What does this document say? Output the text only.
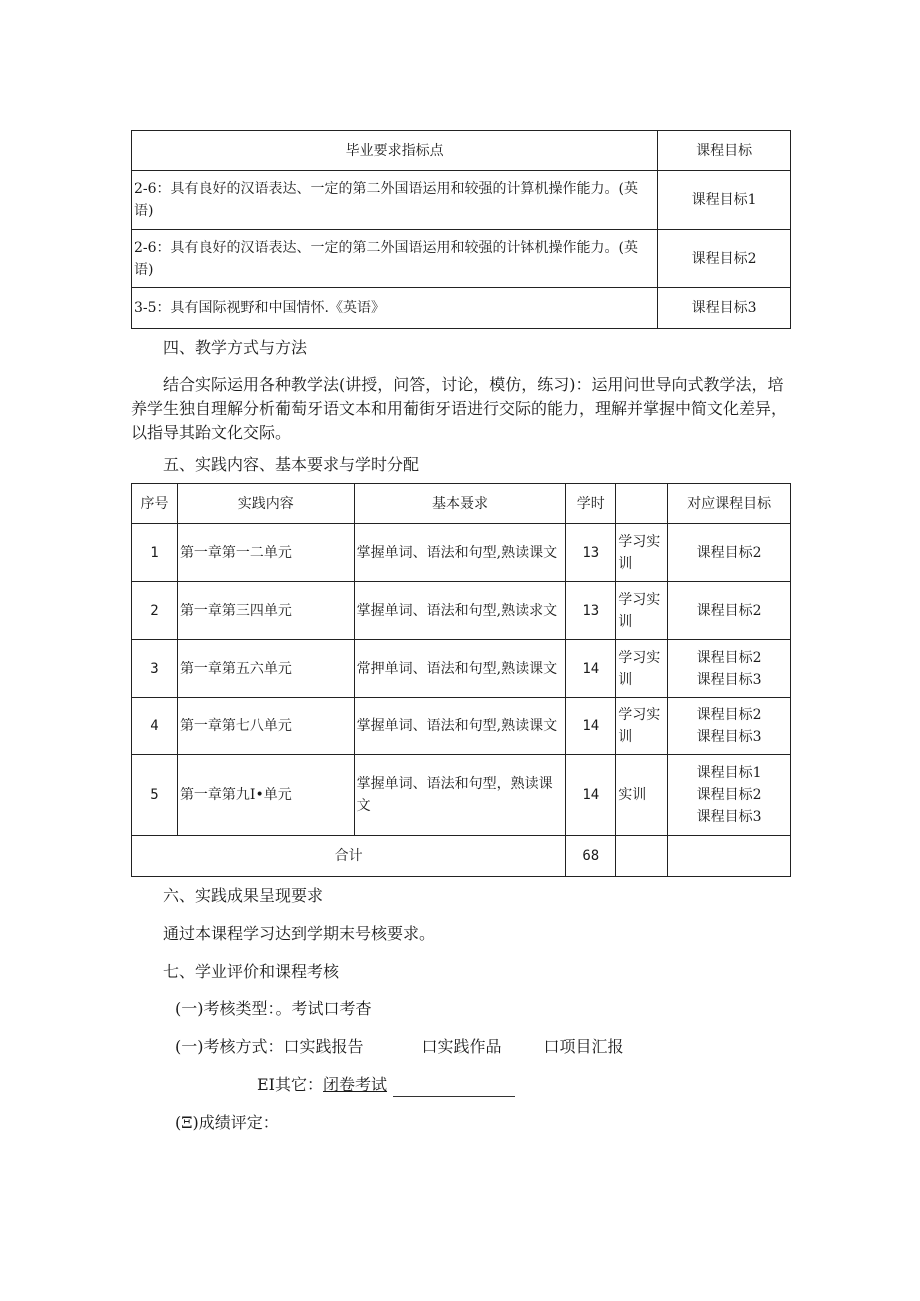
毕业要求指标点	课程目标
2-6：具有良好的汉语表达、一定的第二外国语运用和较强的计算机操作能力。(英语)	课程目标1
2-6：具有良好的汉语表达、一定的第二外国语运用和较强的计钵机操作能力。(英语)	课程目标2
3-5：具有国际视野和中国情怀.《英语》	课程目标3

四、教学方式与方法

结合实际运用各种教学法(讲授，问答，讨论，模仿，练习)：运用问世导向式教学法，培养学生独自理解分析葡萄牙语文本和用葡街牙语进行交际的能力，理解并掌握中简文化差异，以指导其跆文化交际。

五、实践内容、基本要求与学时分配

序号	实践内容	基本聂求	学时		对应课程目标
1	第一章第一二单元	掌握单词、语法和句型,熟读课文	13	学习实训	课程目标2

2	第一章第三四单元	掌握单词、语法和句型,熟读求文	13	学习实训	课程目标2

3	第一章第五六单元	常押单词、语法和句型,熟读课文	14	学习实训	课程目标2
课程目标3

4	第一章第七八单元	掌握单词、语法和句型,熟读课文	14	学习实训	课程目标2
课程目标3

5	第一章第九I•单元	掌握单词、语法和句型，熟读课文	14	实训	课程目标1
课程目标2
课程目标3

合计			68		

六、实践成果呈现要求

通过本课程学习达到学期末号核要求。

七、学业评价和课程考核

(一)考核类型：。考试口考杳

(一)考核方式：口实践报告	口实践作品	口项目汇报

EI其它：闭卷考试

(Ξ)成绩评定：
